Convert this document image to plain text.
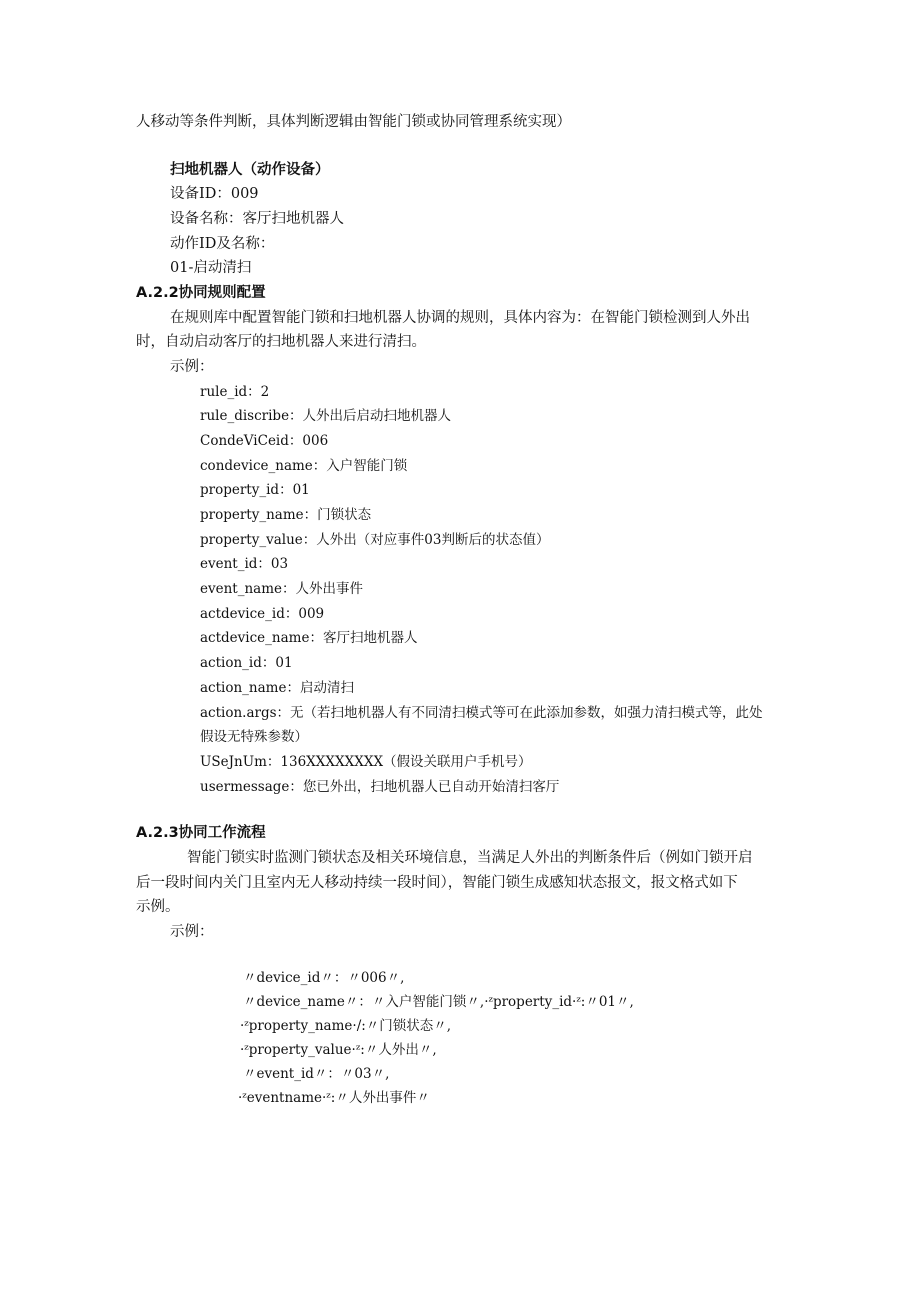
人移动等条件判断，具体判断逻辑由智能门锁或协同管理系统实现）
扫地机器人（动作设备）
设备ID：009
设备名称：客厅扫地机器人
动作ID及名称：
01-启动清扫
A.2.2协同规则配置
在规则库中配置智能门锁和扫地机器人协调的规则，具体内容为：在智能门锁检测到人外出
时，自动启动客厅的扫地机器人来进行清扫。
示例：
rule_id：2
rule_discribe：人外出后启动扫地机器人
CondeViCeid：006
condevice_name：入户智能门锁
property_id：01
property_name：门锁状态
property_value：人外出（对应事件03判断后的状态值）
event_id：03
event_name：人外出事件
actdevice_id：009
actdevice_name：客厅扫地机器人
action_id：01
action_name：启动清扫
action.args：无（若扫地机器人有不同清扫模式等可在此添加参数，如强力清扫模式等，此处
假设无特殊参数）
USeJnUm：136XXXXXXXX（假设关联用户手机号）
usermessage：您已外出，扫地机器人已自动开始清扫客厅
A.2.3协同工作流程
智能门锁实时监测门锁状态及相关环境信息，当满足人外出的判断条件后（例如门锁开启
后一段时间内关门且室内无人移动持续一段时间），智能门锁生成感知状态报文，报文格式如下
示例。
示例：
〃device_id〃：〃006〃,
〃device_name〃：〃入户智能门锁〃,·ᶻproperty_id·ᶻ:〃01〃,
·ᶻproperty_name·/:〃门锁状态〃,
·ᶻproperty_value·ᶻ:〃人外出〃,
〃event_id〃：〃03〃,
·ᶻeventname·ᶻ:〃人外出事件〃
